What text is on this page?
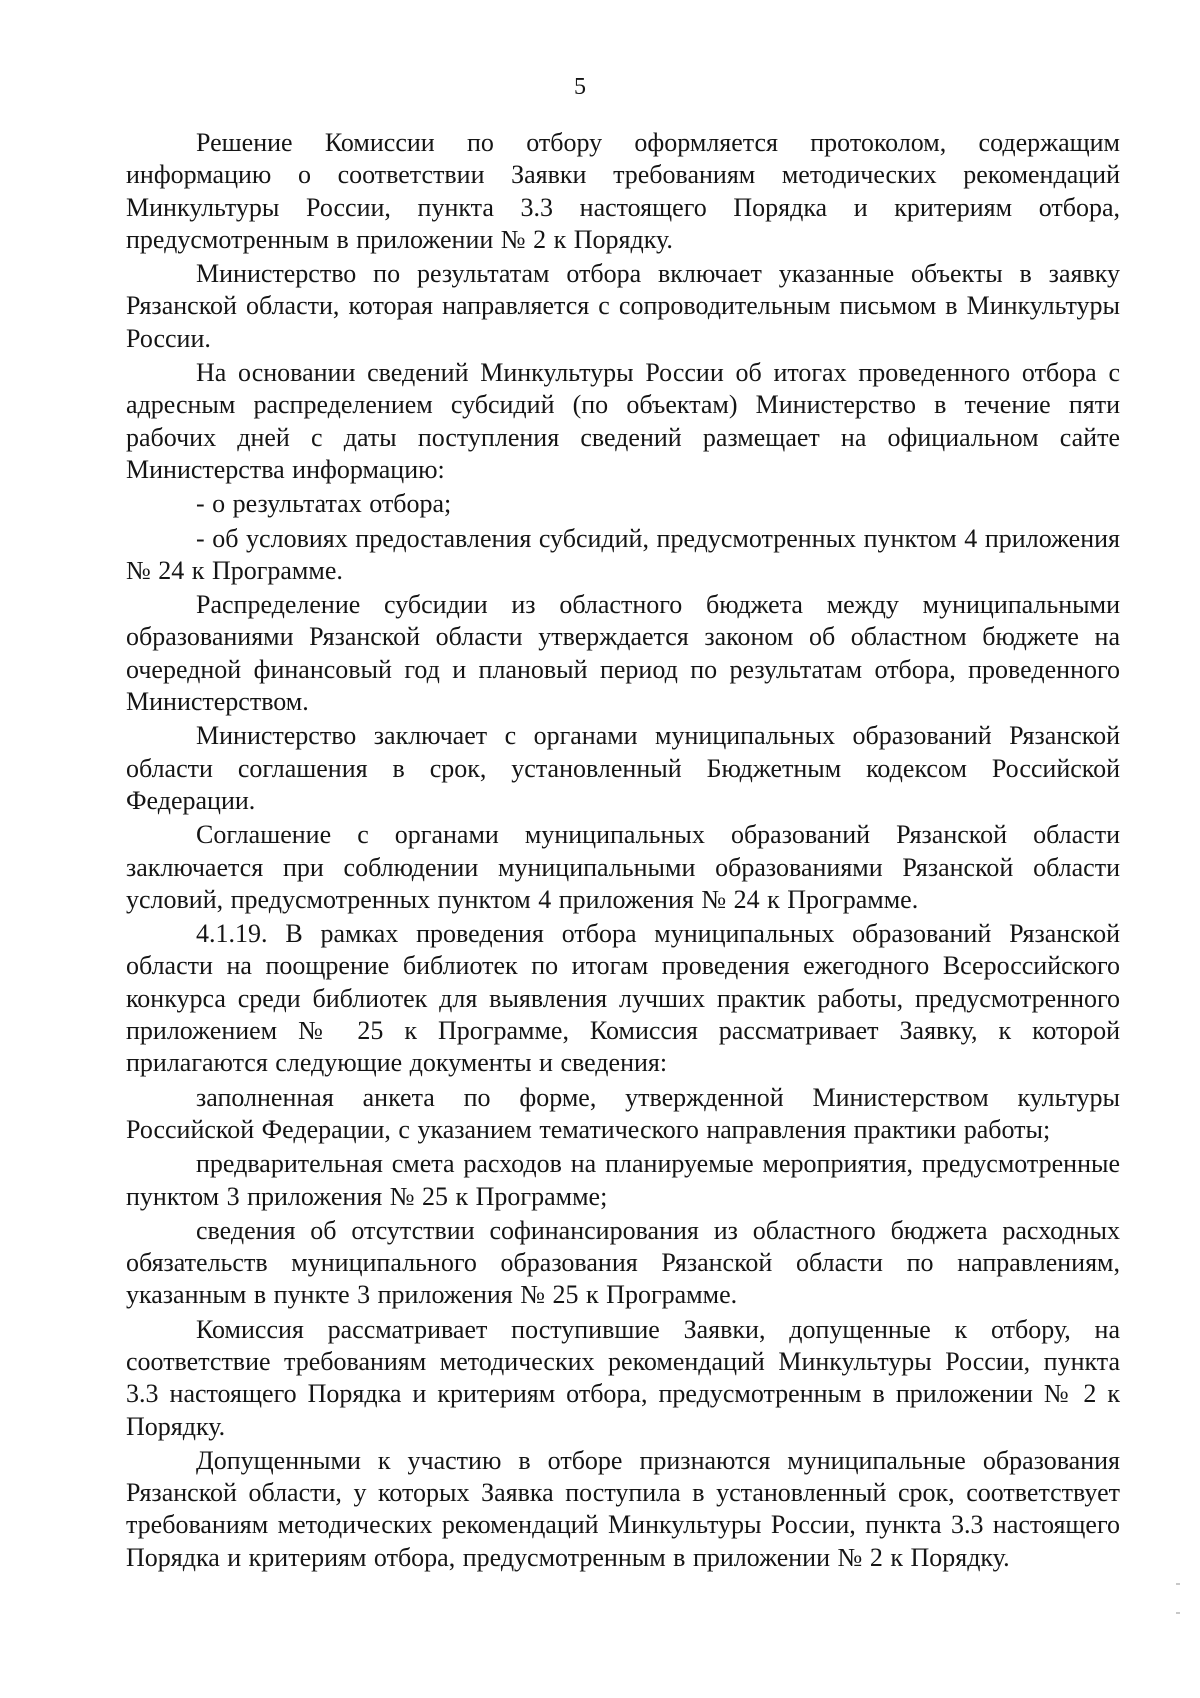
5

Решение Комиссии по отбору оформляется протоколом, содержащим информацию о соответствии Заявки требованиям методических рекомендаций Минкультуры России, пункта 3.3 настоящего Порядка и критериям отбора, предусмотренным в приложении № 2 к Порядку.

Министерство по результатам отбора включает указанные объекты в заявку Рязанской области, которая направляется с сопроводительным письмом в Минкультуры России.

На основании сведений Минкультуры России об итогах проведенного отбора с адресным распределением субсидий (по объектам) Министерство в течение пяти рабочих дней с даты поступления сведений размещает на официальном сайте Министерства информацию:

- о результатах отбора;

- об условиях предоставления субсидий, предусмотренных пунктом 4 приложения № 24 к Программе.

Распределение субсидии из областного бюджета между муниципальными образованиями Рязанской области утверждается законом об областном бюджете на очередной финансовый год и плановый период по результатам отбора, проведенного Министерством.

Министерство заключает с органами муниципальных образований Рязанской области соглашения в срок, установленный Бюджетным кодексом Российской Федерации.

Соглашение с органами муниципальных образований Рязанской области заключается при соблюдении муниципальными образованиями Рязанской области условий, предусмотренных пунктом 4 приложения № 24 к Программе.

4.1.19. В рамках проведения отбора муниципальных образований Рязанской области на поощрение библиотек по итогам проведения ежегодного Всероссийского конкурса среди библиотек для выявления лучших практик работы, предусмотренного приложением № 25 к Программе, Комиссия рассматривает Заявку, к которой прилагаются следующие документы и сведения:

заполненная анкета по форме, утвержденной Министерством культуры Российской Федерации, с указанием тематического направления практики работы;

предварительная смета расходов на планируемые мероприятия, предусмотренные пунктом 3 приложения № 25 к Программе;

сведения об отсутствии софинансирования из областного бюджета расходных обязательств муниципального образования Рязанской области по направлениям, указанным в пункте 3 приложения № 25 к Программе.

Комиссия рассматривает поступившие Заявки, допущенные к отбору, на соответствие требованиям методических рекомендаций Минкультуры России, пункта 3.3 настоящего Порядка и критериям отбора, предусмотренным в приложении № 2 к Порядку.

Допущенными к участию в отборе признаются муниципальные образования Рязанской области, у которых Заявка поступила в установленный срок, соответствует требованиям методических рекомендаций Минкультуры России, пункта 3.3 настоящего Порядка и критериям отбора, предусмотренным в приложении № 2 к Порядку.
